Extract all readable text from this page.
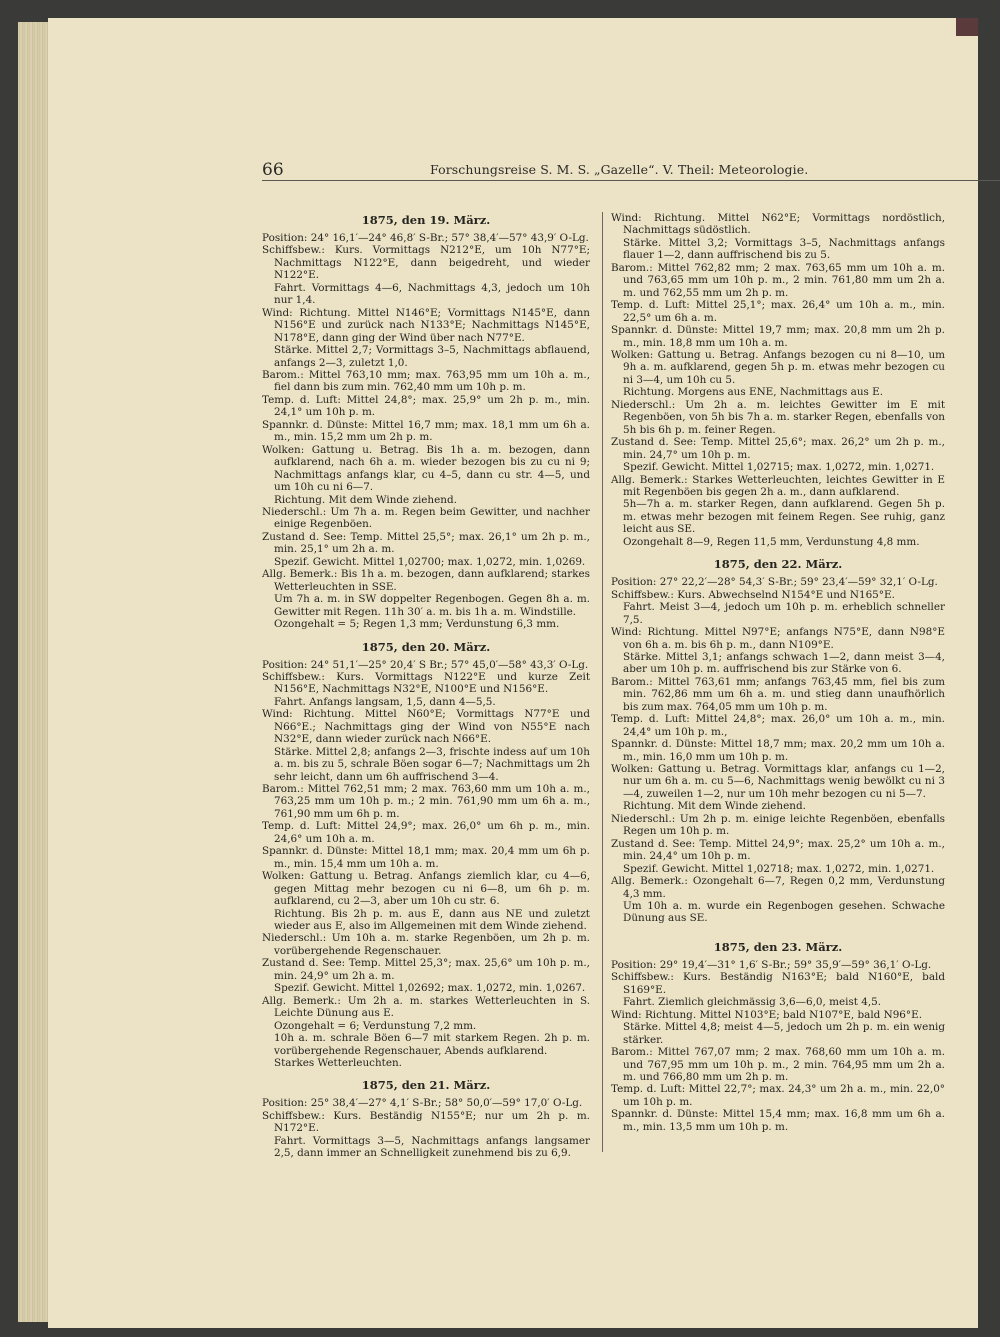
66	Forschungsreise S. M. S. „Gazelle“. V. Theil: Meteorologie.

1875, den 19. März.

Position: 24° 16,1′—24° 46,8′ S-Br.; 57° 38,4′—57° 43,9′ O-Lg.

Schiffsbew.: Kurs. Vormittags N212°E, um 10h N77°E; Nachmittags N122°E, dann beigedreht, und wieder N122°E.

Fahrt. Vormittags 4—6, Nachmittags 4,3, jedoch um 10h nur 1,4.

Wind: Richtung. Mittel N146°E; Vormittags N145°E, dann N156°E und zurück nach N133°E; Nachmittags N145°E, N178°E, dann ging der Wind über nach N77°E.

Stärke. Mittel 2,7; Vormittags 3–5, Nachmittags abflauend, anfangs 2—3, zuletzt 1,0.

Barom.: Mittel 763,10 mm; max. 763,95 mm um 10h a. m., fiel dann bis zum min. 762,40 mm um 10h p. m.

Temp. d. Luft: Mittel 24,8°; max. 25,9° um 2h p. m., min. 24,1° um 10h p. m.

Spannkr. d. Dünste: Mittel 16,7 mm; max. 18,1 mm um 6h a. m., min. 15,2 mm um 2h p. m.

Wolken: Gattung u. Betrag. Bis 1h a. m. bezogen, dann aufklarend, nach 6h a. m. wieder bezogen bis zu cu ni 9; Nachmittags anfangs klar, cu 4–5, dann cu str. 4—5, und um 10h cu ni 6—7.

Richtung. Mit dem Winde ziehend.

Niederschl.: Um 7h a. m. Regen beim Gewitter, und nachher einige Regenböen.

Zustand d. See: Temp. Mittel 25,5°; max. 26,1° um 2h p. m., min. 25,1° um 2h a. m.

Spezif. Gewicht. Mittel 1,02700; max. 1,0272, min. 1,0269.

Allg. Bemerk.: Bis 1h a. m. bezogen, dann aufklarend; starkes Wetterleuchten in SSE.

Um 7h a. m. in SW doppelter Regenbogen. Gegen 8h a. m. Gewitter mit Regen. 11h 30′ a. m. bis 1h a. m. Windstille.

Ozongehalt = 5; Regen 1,3 mm; Verdunstung 6,3 mm.

1875, den 20. März.

Position: 24° 51,1′—25° 20,4′ S Br.; 57° 45,0′—58° 43,3′ O-Lg.

Schiffsbew.: Kurs. Vormittags N122°E und kurze Zeit N156°E, Nachmittags N32°E, N100°E und N156°E.

Fahrt. Anfangs langsam, 1,5, dann 4—5,5.

Wind: Richtung. Mittel N60°E; Vormittags N77°E und N66°E.; Nachmittags ging der Wind von N55°E nach N32°E, dann wieder zurück nach N66°E.

Stärke. Mittel 2,8; anfangs 2—3, frischte indess auf um 10h a. m. bis zu 5, schrale Böen sogar 6—7; Nachmittags um 2h sehr leicht, dann um 6h auffrischend 3—4.

Barom.: Mittel 762,51 mm; 2 max. 763,60 mm um 10h a. m., 763,25 mm um 10h p. m.; 2 min. 761,90 mm um 6h a. m., 761,90 mm um 6h p. m.

Temp. d. Luft: Mittel 24,9°; max. 26,0° um 6h p. m., min. 24,6° um 10h a. m.

Spannkr. d. Dünste: Mittel 18,1 mm; max. 20,4 mm um 6h p. m., min. 15,4 mm um 10h a. m.

Wolken: Gattung u. Betrag. Anfangs ziemlich klar, cu 4—6, gegen Mittag mehr bezogen cu ni 6—8, um 6h p. m. aufklarend, cu 2—3, aber um 10h cu str. 6.

Richtung. Bis 2h p. m. aus E, dann aus NE und zuletzt wieder aus E, also im Allgemeinen mit dem Winde ziehend.

Niederschl.: Um 10h a. m. starke Regenböen, um 2h p. m. vorübergehende Regenschauer.

Zustand d. See: Temp. Mittel 25,3°; max. 25,6° um 10h p. m., min. 24,9° um 2h a. m.

Spezif. Gewicht. Mittel 1,02692; max. 1,0272, min. 1,0267.

Allg. Bemerk.: Um 2h a. m. starkes Wetterleuchten in S. Leichte Dünung aus E.

Ozongehalt = 6; Verdunstung 7,2 mm.

10h a. m. schrale Böen 6—7 mit starkem Regen. 2h p. m. vorübergehende Regenschauer, Abends aufklarend.

Starkes Wetterleuchten.

1875, den 21. März.

Position: 25° 38,4′—27° 4,1′ S-Br.; 58° 50,0′—59° 17,0′ O-Lg.

Schiffsbew.: Kurs. Beständig N155°E; nur um 2h p. m. N172°E.

Fahrt. Vormittags 3—5, Nachmittags anfangs langsamer 2,5, dann immer an Schnelligkeit zunehmend bis zu 6,9.

Wind: Richtung. Mittel N62°E; Vormittags nordöstlich, Nachmittags südöstlich.

Stärke. Mittel 3,2; Vormittags 3–5, Nachmittags anfangs flauer 1—2, dann auffrischend bis zu 5.

Barom.: Mittel 762,82 mm; 2 max. 763,65 mm um 10h a. m. und 763,65 mm um 10h p. m., 2 min. 761,80 mm um 2h a. m. und 762,55 mm um 2h p. m.

Temp. d. Luft: Mittel 25,1°; max. 26,4° um 10h a. m., min. 22,5° um 6h a. m.

Spannkr. d. Dünste: Mittel 19,7 mm; max. 20,8 mm um 2h p. m., min. 18,8 mm um 10h a. m.

Wolken: Gattung u. Betrag. Anfangs bezogen cu ni 8—10, um 9h a. m. aufklarend, gegen 5h p. m. etwas mehr bezogen cu ni 3—4, um 10h cu 5.

Richtung. Morgens aus ENE, Nachmittags aus E.

Niederschl.: Um 2h a. m. leichtes Gewitter im E mit Regenböen, von 5h bis 7h a. m. starker Regen, ebenfalls von 5h bis 6h p. m. feiner Regen.

Zustand d. See: Temp. Mittel 25,6°; max. 26,2° um 2h p. m., min. 24,7° um 10h p. m.

Spezif. Gewicht. Mittel 1,02715; max. 1,0272, min. 1,0271.

Allg. Bemerk.: Starkes Wetterleuchten, leichtes Gewitter in E mit Regenböen bis gegen 2h a. m., dann aufklarend.

5h—7h a. m. starker Regen, dann aufklarend. Gegen 5h p. m. etwas mehr bezogen mit feinem Regen. See ruhig, ganz leicht aus SE.

Ozongehalt 8—9, Regen 11,5 mm, Verdunstung 4,8 mm.

1875, den 22. März.

Position: 27° 22,2′—28° 54,3′ S-Br.; 59° 23,4′—59° 32,1′ O-Lg.

Schiffsbew.: Kurs. Abwechselnd N154°E und N165°E.

Fahrt. Meist 3—4, jedoch um 10h p. m. erheblich schneller 7,5.

Wind: Richtung. Mittel N97°E; anfangs N75°E, dann N98°E von 6h a. m. bis 6h p. m., dann N109°E.

Stärke. Mittel 3,1; anfangs schwach 1—2, dann meist 3—4, aber um 10h p. m. auffrischend bis zur Stärke von 6.

Barom.: Mittel 763,61 mm; anfangs 763,45 mm, fiel bis zum min. 762,86 mm um 6h a. m. und stieg dann unaufhörlich bis zum max. 764,05 mm um 10h p. m.

Temp. d. Luft: Mittel 24,8°; max. 26,0° um 10h a. m., min. 24,4° um 10h p. m.,

Spannkr. d. Dünste: Mittel 18,7 mm; max. 20,2 mm um 10h a. m., min. 16,0 mm um 10h p. m.

Wolken: Gattung u. Betrag. Vormittags klar, anfangs cu 1—2, nur um 6h a. m. cu 5—6, Nachmittags wenig bewölkt cu ni 3—4, zuweilen 1—2, nur um 10h mehr bezogen cu ni 5—7.

Richtung. Mit dem Winde ziehend.

Niederschl.: Um 2h p. m. einige leichte Regenböen, ebenfalls Regen um 10h p. m.

Zustand d. See: Temp. Mittel 24,9°; max. 25,2° um 10h a. m., min. 24,4° um 10h p. m.

Spezif. Gewicht. Mittel 1,02718; max. 1,0272, min. 1,0271.

Allg. Bemerk.: Ozongehalt 6—7, Regen 0,2 mm, Verdunstung 4,3 mm.

Um 10h a. m. wurde ein Regenbogen gesehen. Schwache Dünung aus SE.

1875, den 23. März.

Position: 29° 19,4′—31° 1,6′ S-Br.; 59° 35,9′—59° 36,1′ O-Lg.

Schiffsbew.: Kurs. Beständig N163°E; bald N160°E, bald S169°E.

Fahrt. Ziemlich gleichmässig 3,6—6,0, meist 4,5.

Wind: Richtung. Mittel N103°E; bald N107°E, bald N96°E.

Stärke. Mittel 4,8; meist 4—5, jedoch um 2h p. m. ein wenig stärker.

Barom.: Mittel 767,07 mm; 2 max. 768,60 mm um 10h a. m. und 767,95 mm um 10h p. m., 2 min. 764,95 mm um 2h a. m. und 766,80 mm um 2h p. m.

Temp. d. Luft: Mittel 22,7°; max. 24,3° um 2h a. m., min. 22,0° um 10h p. m.

Spannkr. d. Dünste: Mittel 15,4 mm; max. 16,8 mm um 6h a. m., min. 13,5 mm um 10h p. m.
